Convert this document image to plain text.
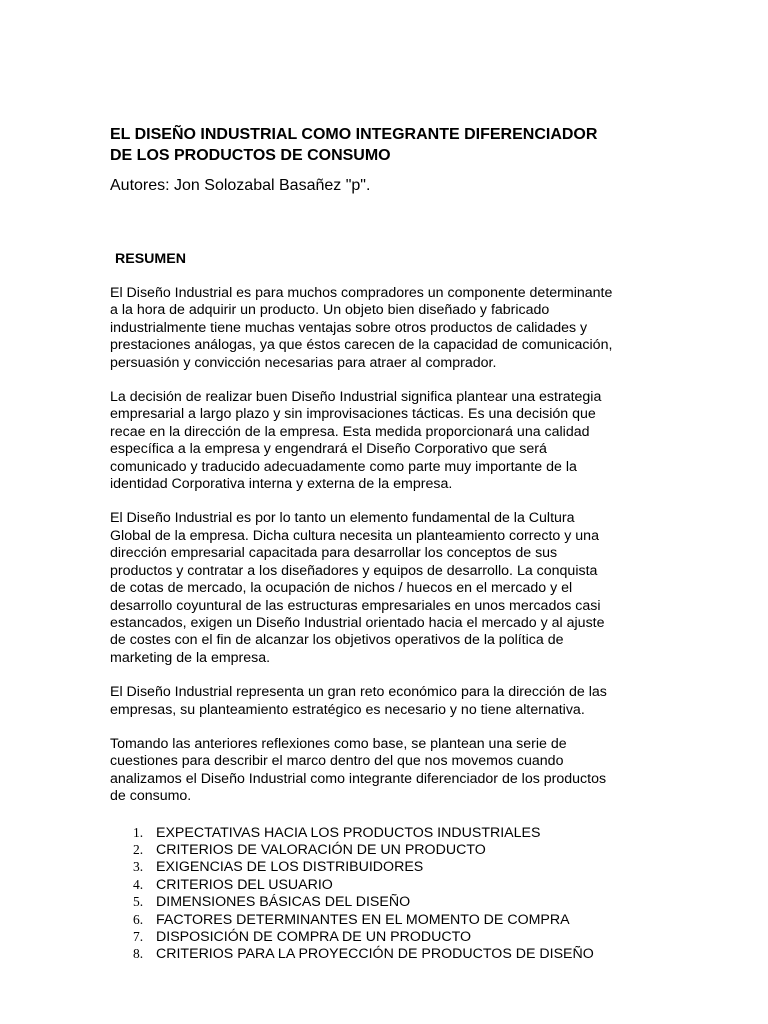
EL DISEÑO INDUSTRIAL COMO INTEGRANTE DIFERENCIADOR
DE LOS PRODUCTOS DE CONSUMO

Autores: Jon Solozabal Basañez "p".

RESUMEN

El Diseño Industrial es para muchos compradores un componente determinante
a la hora de adquirir un producto. Un objeto bien diseñado y fabricado
industrialmente tiene muchas ventajas sobre otros productos de calidades y
prestaciones análogas, ya que éstos carecen de la capacidad de comunicación,
persuasión y convicción necesarias para atraer al comprador.

La decisión de realizar buen Diseño Industrial significa plantear una estrategia
empresarial a largo plazo y sin improvisaciones tácticas. Es una decisión que
recae en la dirección de la empresa. Esta medida proporcionará una calidad
específica a la empresa y engendrará el Diseño Corporativo que será
comunicado y traducido adecuadamente como parte muy importante de la
identidad Corporativa interna y externa de la empresa.

El Diseño Industrial es por lo tanto un elemento fundamental de la Cultura
Global de la empresa. Dicha cultura necesita un planteamiento correcto y una
dirección empresarial capacitada para desarrollar los conceptos de sus
productos y contratar a los diseñadores y equipos de desarrollo. La conquista
de cotas de mercado, la ocupación de nichos / huecos en el mercado y el
desarrollo coyuntural de las estructuras empresariales en unos mercados casi
estancados, exigen un Diseño Industrial orientado hacia el mercado y al ajuste
de costes con el fin de alcanzar los objetivos operativos de la política de
marketing de la empresa.

El Diseño Industrial representa un gran reto económico para la dirección de las
empresas, su planteamiento estratégico es necesario y no tiene alternativa.

Tomando las anteriores reflexiones como base, se plantean una serie de
cuestiones para describir el marco dentro del que nos movemos cuando
analizamos el Diseño Industrial como integrante diferenciador de los productos
de consumo.

1. EXPECTATIVAS HACIA LOS PRODUCTOS INDUSTRIALES
2. CRITERIOS DE VALORACIÓN DE UN PRODUCTO
3. EXIGENCIAS DE LOS DISTRIBUIDORES
4. CRITERIOS DEL USUARIO
5. DIMENSIONES BÁSICAS DEL DISEÑO
6. FACTORES DETERMINANTES EN EL MOMENTO DE COMPRA
7. DISPOSICIÓN DE COMPRA DE UN PRODUCTO
8. CRITERIOS PARA LA PROYECCIÓN DE PRODUCTOS DE DISEÑO
